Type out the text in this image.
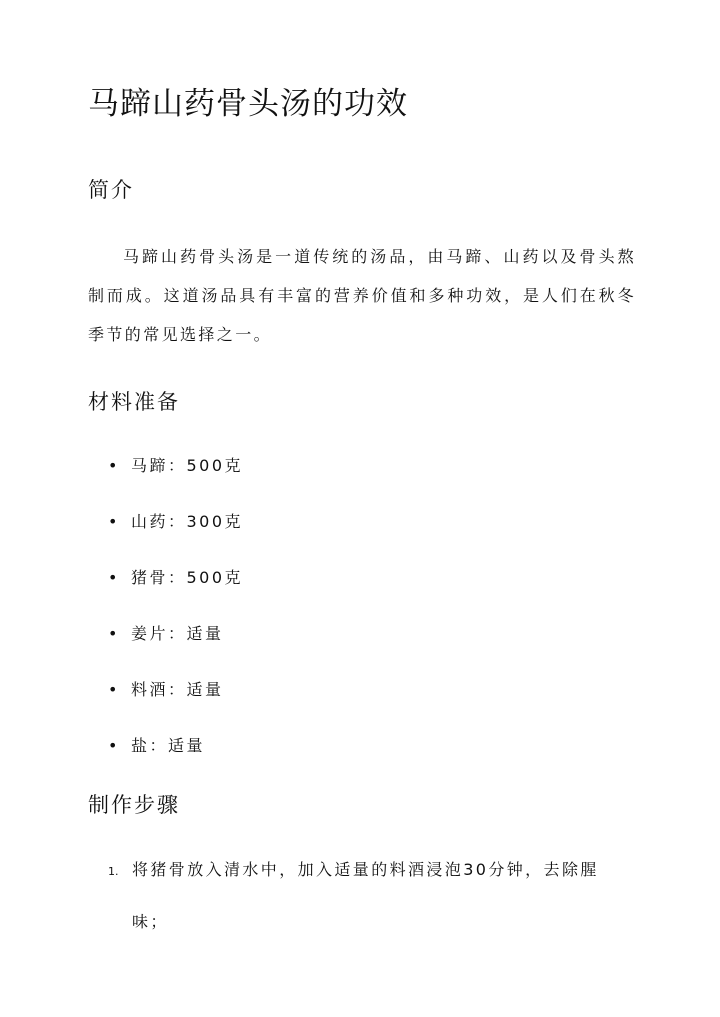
马蹄山药骨头汤的功效
简介

马蹄山药骨头汤是一道传统的汤品，由马蹄、山药以及骨头熬制而成。这道汤品具有丰富的营养价值和多种功效，是人们在秋冬季节的常见选择之一。

材料准备
• 马蹄：500克
• 山药：300克
• 猪骨：500克
• 姜片：适量
• 料酒：适量
• 盐：适量
制作步骤
1. 将猪骨放入清水中，加入适量的料酒浸泡30分钟，去除腥味；
